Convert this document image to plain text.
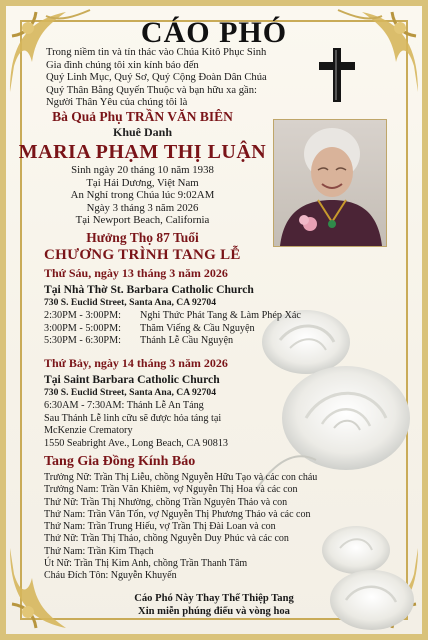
CÁO PHÓ
Trong niềm tin và tín thác vào Chúa Kitô Phục Sinh
Gia đình chúng tôi xin kính báo đến
Quý Linh Mục, Quý Sơ, Quý Cộng Đoàn Dân Chúa
Quý Thân Bằng Quyến Thuộc và bạn hữu xa gần:
Người Thân Yêu của chúng tôi là
Bà Quả Phụ TRẦN VĂN BIÊN
Khuê Danh
MARIA PHẠM THỊ LUẬN
Sinh ngày 20 tháng 10 năm 1938
Tại Hải Dương, Việt Nam
An Nghỉ trong Chúa lúc 9:02AM
Ngày 3 tháng 3 năm 2026
Tại Newport Beach, California
Hưởng Thọ 87 Tuổi
CHƯƠNG TRÌNH TANG LỄ
Thứ Sáu, ngày 13 tháng 3 năm 2026
Tại Nhà Thờ St. Barbara Catholic Church
730 S. Euclid Street, Santa Ana, CA 92704
2:30PM - 3:00PM: Nghi Thức Phát Tang & Làm Phép Xác
3:00PM - 5:00PM: Thăm Viếng & Cầu Nguyện
5:30PM - 6:30PM: Thánh Lễ Cầu Nguyện
Thứ Bảy, ngày 14 tháng 3 năm 2026
Tại Saint Barbara Catholic Church
730 S. Euclid Street, Santa Ana, CA 92704
6:30AM - 7:30AM: Thánh Lễ An Táng
Sau Thánh Lễ linh cữu sẽ được hỏa táng tại
McKenzie Crematory
1550 Seabright Ave., Long Beach, CA 90813
Tang Gia Đồng Kính Báo
Trưởng Nữ: Trần Thị Liễu, chồng Nguyễn Hữu Tạo và các con cháu
Trưởng Nam: Trần Văn Khiêm, vợ Nguyễn Thị Hoa và các con
Thứ Nữ: Trần Thị Nhường, chồng Trần Nguyên Thảo và con
Thứ Nam: Trần Văn Tốn, vợ Nguyễn Thị Phương Thảo và các con
Thứ Nam: Trần Trung Hiếu, vợ Trần Thị Đài Loan và con
Thứ Nữ: Trần Thị Thảo, chồng Nguyễn Duy Phúc và các con
Thứ Nam: Trần Kim Thạch
Út Nữ: Trần Thị Kim Anh, chồng Trần Thanh Tâm
Cháu Đích Tôn: Nguyễn Khuyến
Cáo Phó Này Thay Thế Thiệp Tang
Xin miễn phúng điếu và vòng hoa
